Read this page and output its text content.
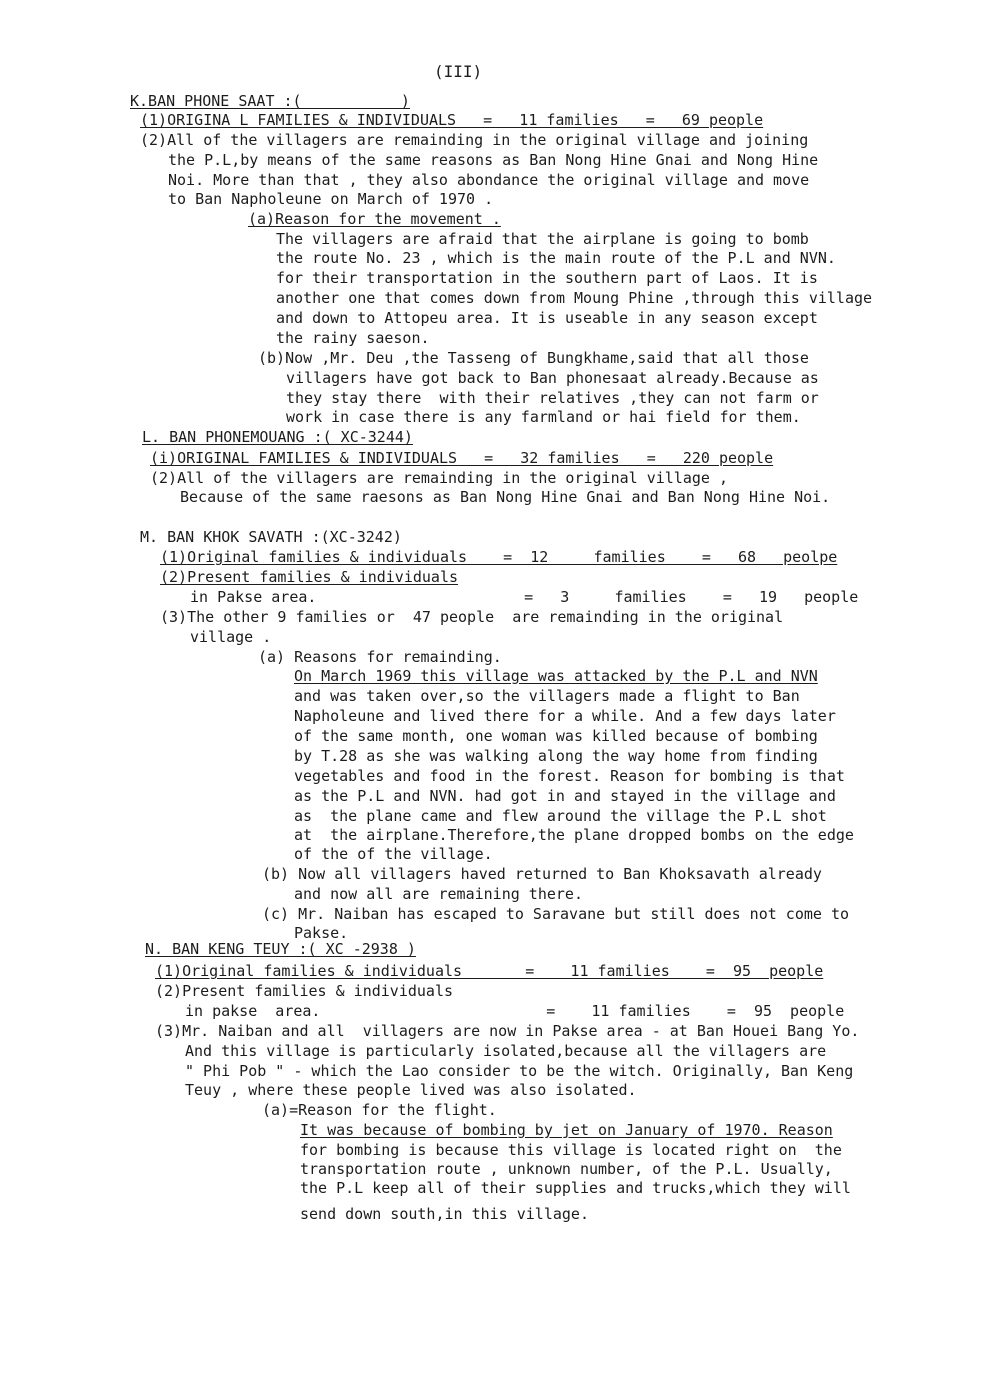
(III)
K.BAN PHONE SAAT :(           )
(1)ORIGINA L FAMILIES & INDIVIDUALS   =   11 families   =   69 people
(2)All of the villagers are remainding in the original village and joining
the P.L,by means of the same reasons as Ban Nong Hine Gnai and Nong Hine
Noi. More than that , they also abondance the original village and move
to Ban Napholeune on March of 1970 .
(a)Reason for the movement .
The villagers are afraid that the airplane is going to bomb
the route No. 23 , which is the main route of the P.L and NVN.
for their transportation in the southern part of Laos. It is
another one that comes down from Moung Phine ,through this village
and down to Attopeu area. It is useable in any season except
the rainy saeson.
(b)Now ,Mr. Deu ,the Tasseng of Bungkhame,said that all those
villagers have got back to Ban phonesaat already.Because as
they stay there  with their relatives ,they can not farm or
work in case there is any farmland or hai field for them.
L. BAN PHONEMOUANG :( XC-3244)
(i)ORIGINAL FAMILIES & INDIVIDUALS   =   32 families   =   220 people
(2)All of the villagers are remainding in the original village ,
Because of the same raesons as Ban Nong Hine Gnai and Ban Nong Hine Noi.
M. BAN KHOK SAVATH :(XC-3242)
(1)Original families & individuals    =  12     families    =   68   peolpe
(2)Present families & individuals
in Pakse area.                       =   3     families    =   19   people
(3)The other 9 families or  47 people  are remainding in the original
village .
(a) Reasons for remainding.
On March 1969 this village was attacked by the P.L and NVN
and was taken over,so the villagers made a flight to Ban
Napholeune and lived there for a while. And a few days later
of the same month, one woman was killed because of bombing
by T.28 as she was walking along the way home from finding
vegetables and food in the forest. Reason for bombing is that
as the P.L and NVN. had got in and stayed in the village and
as  the plane came and flew around the village the P.L shot
at  the airplane.Therefore,the plane dropped bombs on the edge
of the of the village.
(b) Now all villagers haved returned to Ban Khoksavath already
and now all are remaining there.
(c) Mr. Naiban has escaped to Saravane but still does not come to
Pakse.
N. BAN KENG TEUY :( XC -2938 )
(1)Original families & individuals       =    11 families    =  95  people
(2)Present families & individuals
in pakse  area.                         =    11 families    =  95  people
(3)Mr. Naiban and all  villagers are now in Pakse area - at Ban Houei Bang Yo.
And this village is particularly isolated,because all the villagers are
" Phi Pob " - which the Lao consider to be the witch. Originally, Ban Keng
Teuy , where these people lived was also isolated.
(a)=Reason for the flight.
It was because of bombing by jet on January of 1970. Reason
for bombing is because this village is located right on  the
transportation route , unknown number, of the P.L. Usually,
the P.L keep all of their supplies and trucks,which they will
send down south,in this village.
